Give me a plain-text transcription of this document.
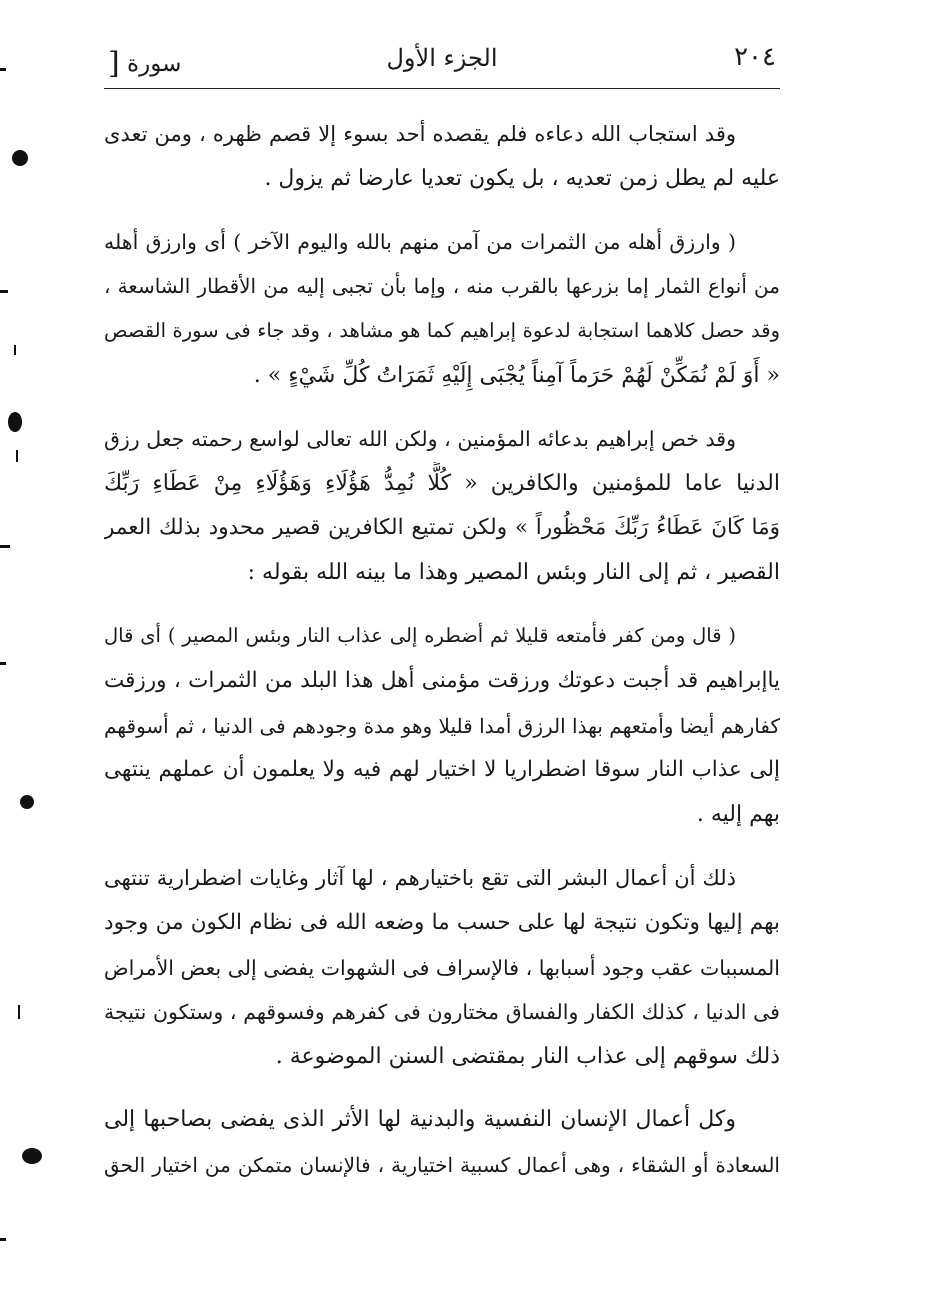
٢٠٤
الجزء الأول
سورة [
وقد استجاب الله دعاءه فلم يقصده أحد بسوء إلا قصم ظهره ، ومن تعدى
عليه لم يطل زمن تعديه ، بل يكون تعديا عارضا ثم يزول .
( وارزق أهله من الثمرات من آمن منهم بالله واليوم الآخر ) أى وارزق أهله
من أنواع الثمار إما بزرعها بالقرب منه ، وإما بأن تجبى إليه من الأقطار الشاسعة ،
وقد حصل كلاهما استجابة لدعوة إبراهيم كما هو مشاهد ، وقد جاء فى سورة القصص
« أَوَ لَمْ نُمَكِّنْ لَهُمْ حَرَماً آمِناً يُجْبَى إِلَيْهِ ثَمَرَاتُ كُلِّ شَيْءٍ » .
وقد خص إبراهيم بدعائه المؤمنين ، ولكن الله تعالى لواسع رحمته جعل رزق
الدنيا عاما للمؤمنين والكافرين « كُلًّا نُمِدُّ هَؤُلَاءِ وَهَؤُلَاءِ مِنْ عَطَاءِ رَبِّكَ
وَمَا كَانَ عَطَاءُ رَبِّكَ مَحْظُوراً » ولكن تمتيع الكافرين قصير محدود بذلك العمر
القصير ، ثم إلى النار وبئس المصير وهذا ما بينه الله بقوله :
( قال ومن كفر فأمتعه قليلا ثم أضطره إلى عذاب النار وبئس المصير ) أى قال
ياإبراهيم قد أجبت دعوتك ورزقت مؤمنى أهل هذا البلد من الثمرات ، ورزقت
كفارهم أيضا وأمتعهم بهذا الرزق أمدا قليلا وهو مدة وجودهم فى الدنيا ، ثم أسوقهم
إلى عذاب النار سوقا اضطراريا لا اختيار لهم فيه ولا يعلمون أن عملهم ينتهى
بهم إليه .
ذلك أن أعمال البشر التى تقع باختيارهم ، لها آثار وغايات اضطرارية تنتهى
بهم إليها وتكون نتيجة لها على حسب ما وضعه الله فى نظام الكون من وجود
المسببات عقب وجود أسبابها ، فالإسراف فى الشهوات يفضى إلى بعض الأمراض
فى الدنيا ، كذلك الكفار والفساق مختارون فى كفرهم وفسوقهم ، وستكون نتيجة
ذلك سوقهم إلى عذاب النار بمقتضى السنن الموضوعة .
وكل أعمال الإنسان النفسية والبدنية لها الأثر الذى يفضى بصاحبها إلى
السعادة أو الشقاء ، وهى أعمال كسبية اختيارية ، فالإنسان متمكن من اختيار الحق
